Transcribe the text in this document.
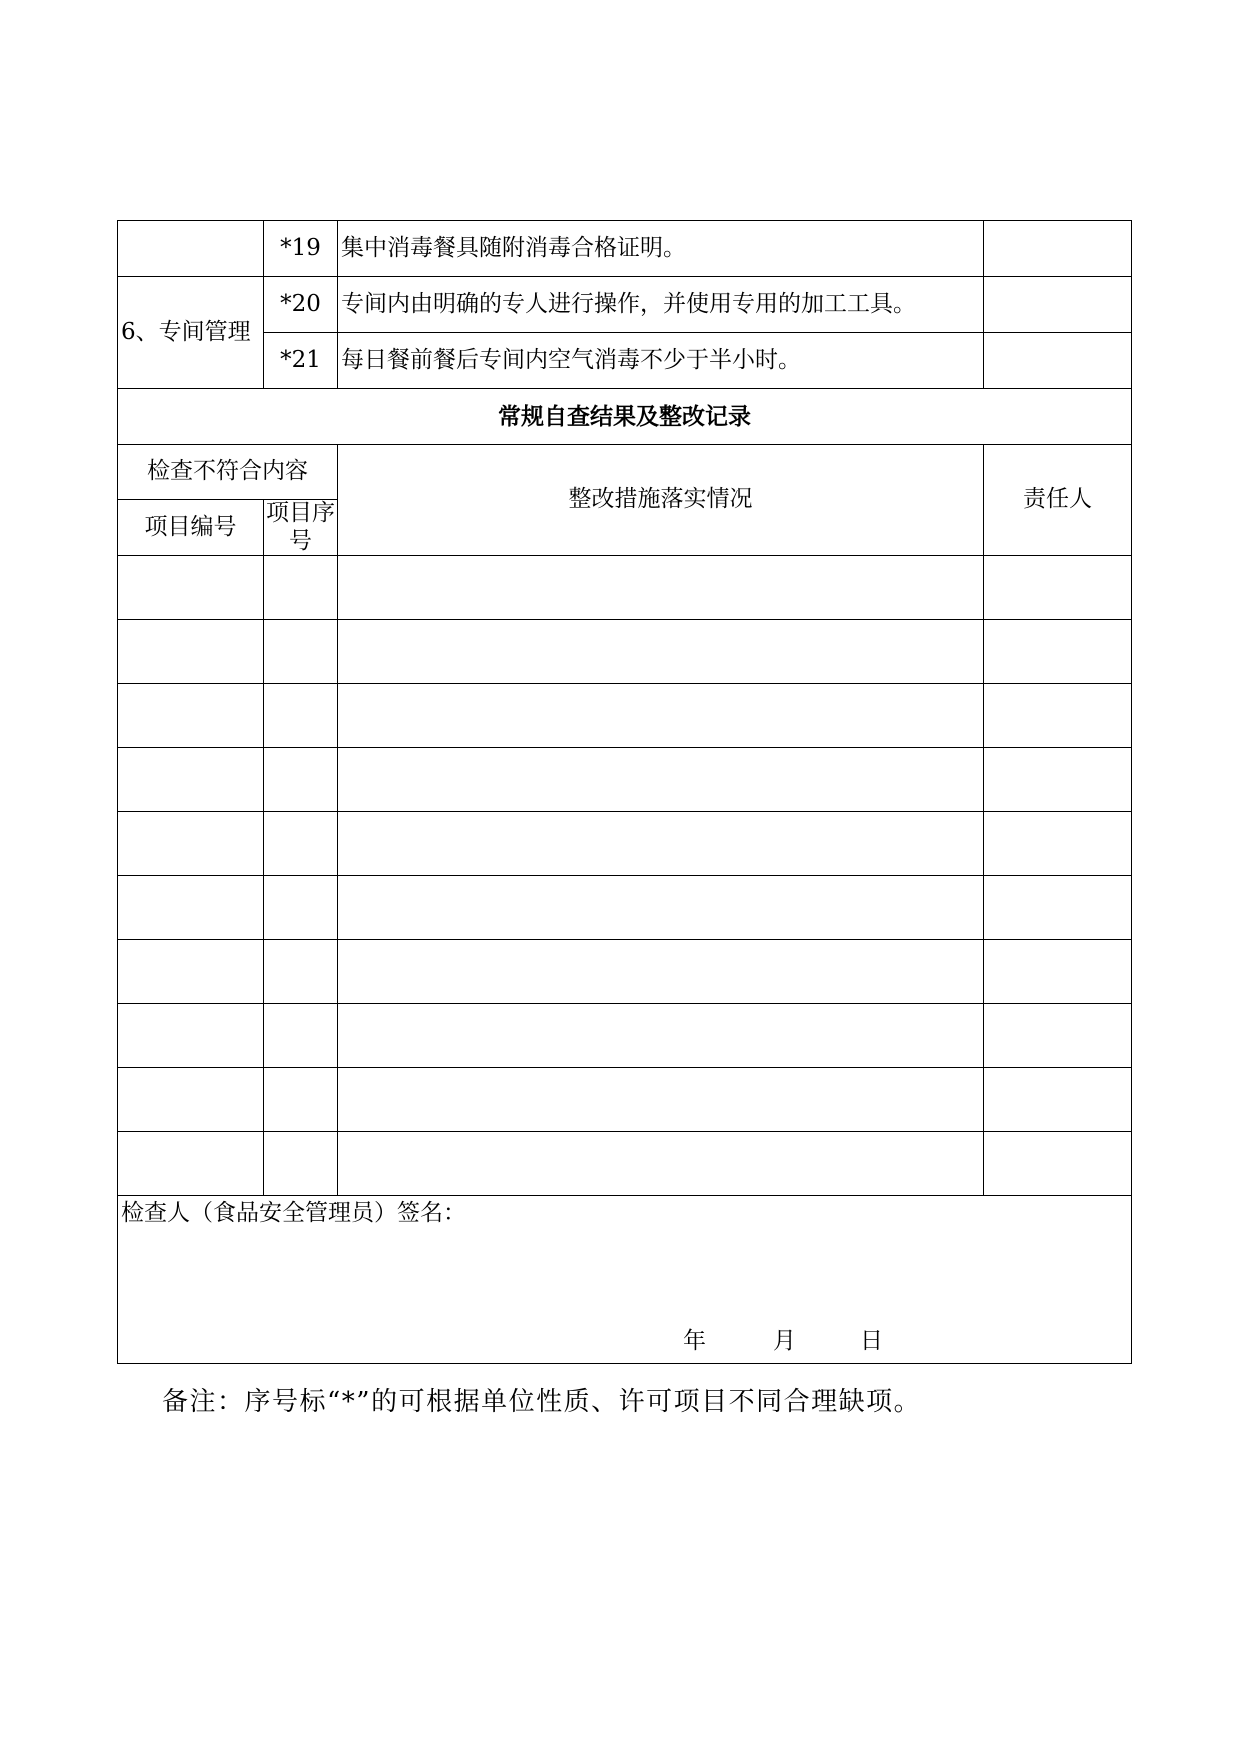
	*19	集中消毒餐具随附消毒合格证明。	
6、专间管理	*20	专间内由明确的专人进行操作，并使用专用的加工工具。	
	*21	每日餐前餐后专间内空气消毒不少于半小时。	
常规自查结果及整改记录			
检查不符合内容		整改措施落实情况	责任人
项目编号	项目序号		

检查人（食品安全管理员）签名：
年 月 日			
备注：序号标“*”的可根据单位性质、许可项目不同合理缺项。
